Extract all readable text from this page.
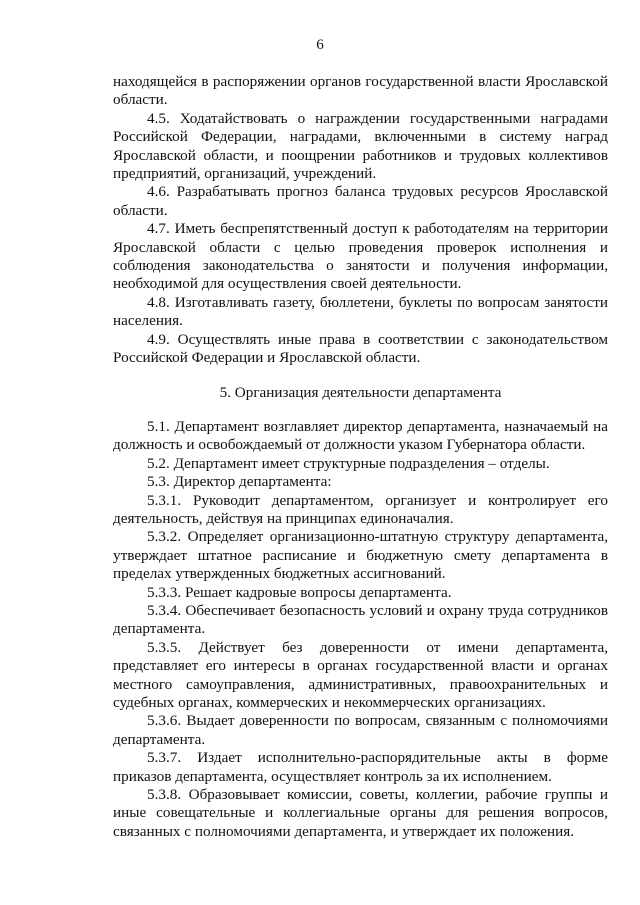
6

находящейся в распоряжении органов государственной власти Ярославской области.

4.5. Ходатайствовать о награждении государственными наградами Российской Федерации, наградами, включенными в систему наград Ярославской области, и поощрении работников и трудовых коллективов предприятий, организаций, учреждений.

4.6. Разрабатывать прогноз баланса трудовых ресурсов Ярославской области.

4.7. Иметь беспрепятственный доступ к работодателям на территории Ярославской области с целью проведения проверок исполнения и соблюдения законодательства о занятости и получения информации, необходимой для осуществления своей деятельности.

4.8. Изготавливать газету, бюллетени, буклеты по вопросам занятости населения.

4.9. Осуществлять иные права в соответствии с законодательством Российской Федерации и Ярославской области.

5. Организация деятельности департамента

5.1. Департамент возглавляет директор департамента, назначаемый на должность и освобождаемый от должности указом Губернатора области.

5.2. Департамент имеет структурные подразделения – отделы.

5.3. Директор департамента:

5.3.1. Руководит департаментом, организует и контролирует его деятельность, действуя на принципах единоначалия.

5.3.2. Определяет организационно-штатную структуру департамента, утверждает штатное расписание и бюджетную смету департамента в пределах утвержденных бюджетных ассигнований.

5.3.3. Решает кадровые вопросы департамента.

5.3.4. Обеспечивает безопасность условий и охрану труда сотрудников департамента.

5.3.5. Действует без доверенности от имени департамента, представляет его интересы в органах государственной власти и органах местного самоуправления, административных, правоохранительных и судебных органах, коммерческих и некоммерческих организациях.

5.3.6. Выдает доверенности по вопросам, связанным с полномочиями департамента.

5.3.7. Издает исполнительно-распорядительные акты в форме приказов департамента, осуществляет контроль за их исполнением.

5.3.8. Образовывает комиссии, советы, коллегии, рабочие группы и иные совещательные и коллегиальные органы для решения вопросов, связанных с полномочиями департамента, и утверждает их положения.
